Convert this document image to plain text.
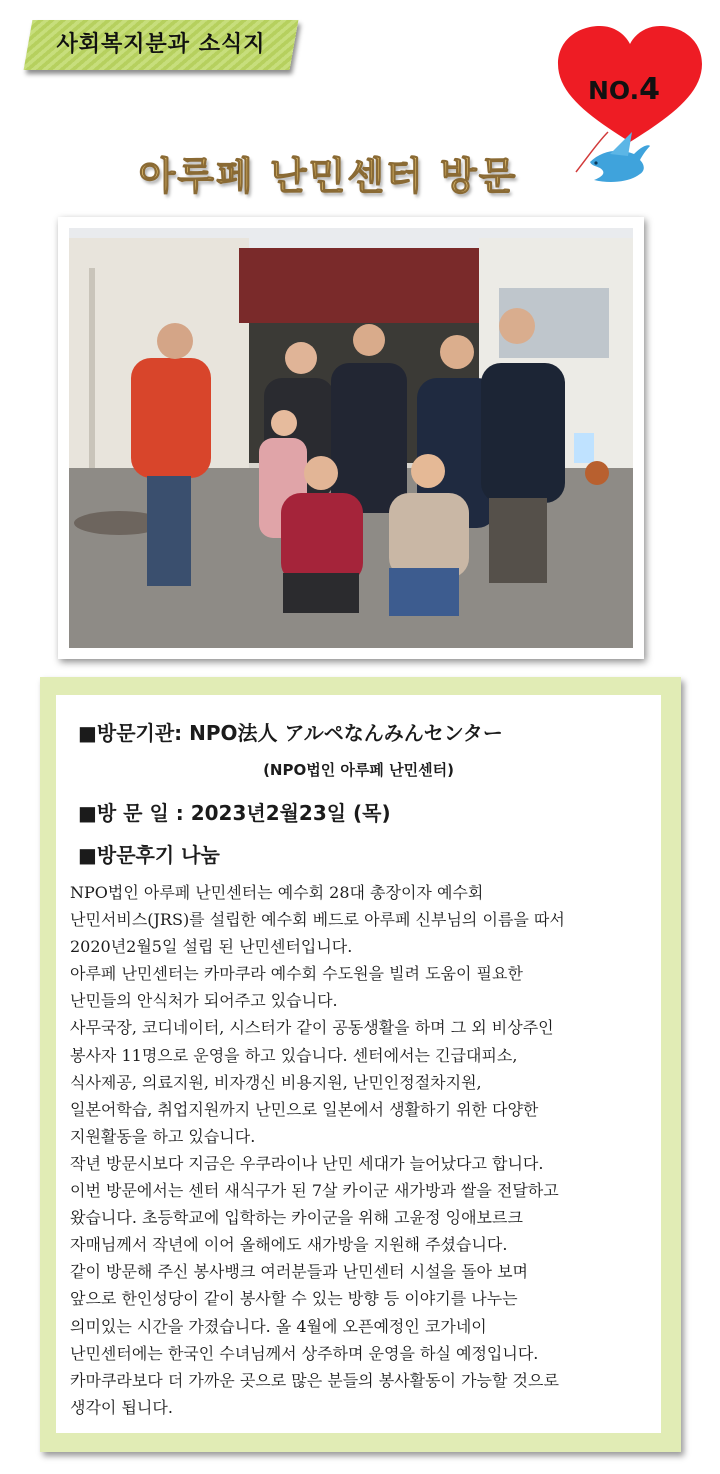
사회복지분과 소식지
NO.4
아루페 난민센터 방문
■방문기관: NPO法人 アルペなんみんセンター
(NPO법인 아루페 난민센터)
■방 문 일 : 2023년2월23일 (목)
■방문후기 나눔
NPO법인 아루페 난민센터는 예수회 28대 총장이자 예수회
난민서비스(JRS)를 설립한 예수회 베드로 아루페 신부님의 이름을 따서
2020년2월5일 설립 된 난민센터입니다.
아루페 난민센터는 카마쿠라 예수회 수도원을 빌려 도움이 필요한
난민들의 안식처가 되어주고 있습니다.
사무국장, 코디네이터, 시스터가 같이 공동생활을 하며 그 외 비상주인
봉사자 11명으로 운영을 하고 있습니다. 센터에서는 긴급대피소,
식사제공, 의료지원, 비자갱신 비용지원, 난민인정절차지원,
일본어학습, 취업지원까지 난민으로 일본에서 생활하기 위한 다양한
지원활동을 하고 있습니다.
작년 방문시보다 지금은 우쿠라이나 난민 세대가 늘어났다고 합니다.
이번 방문에서는 센터 새식구가 된 7살 카이군 새가방과 쌀을 전달하고
왔습니다. 초등학교에 입학하는 카이군을 위해 고윤정 잉애보르크
자매님께서 작년에 이어 올해에도 새가방을 지원해 주셨습니다.
같이 방문해 주신 봉사뱅크 여러분들과 난민센터 시설을 돌아 보며
앞으로 한인성당이 같이 봉사할 수 있는 방향 등 이야기를 나누는
의미있는 시간을 가졌습니다. 올 4월에 오픈예정인 코가네이
난민센터에는 한국인 수녀님께서 상주하며 운영을 하실 예정입니다.
카마쿠라보다 더 가까운 곳으로 많은 분들의 봉사활동이 가능할 것으로
생각이 됩니다.
